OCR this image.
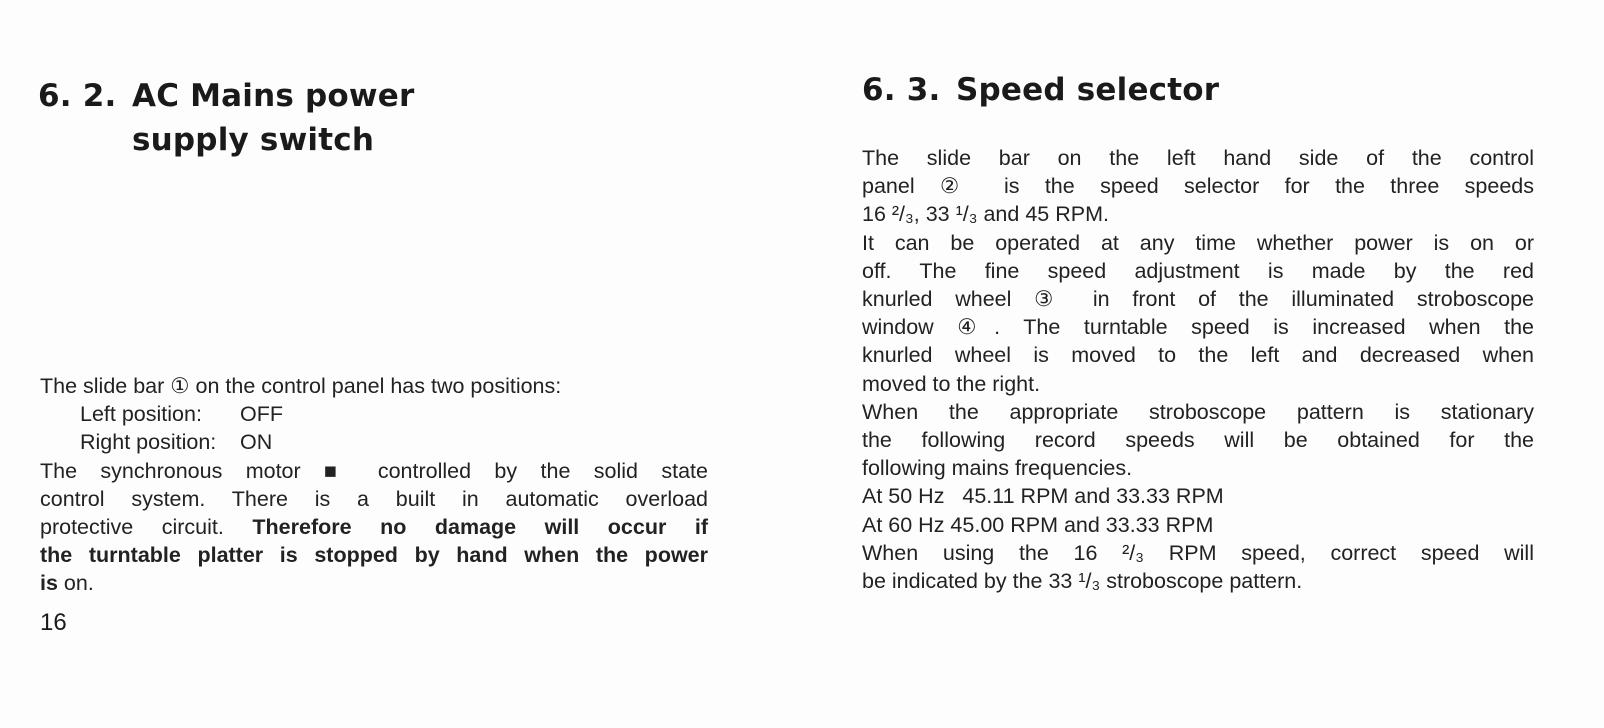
6. 2. AC Mains power
supply switch
The slide bar ① on the control panel has two positions:
Left position: OFF
Right position: ON
The synchronous motor ■ controlled by the solid state
control system. There is a built in automatic overload
protective circuit. Therefore no damage will occur if
the turntable platter is stopped by hand when the power
is on.
16
6. 3. Speed selector
The slide bar on the left hand side of the control
panel ② is the speed selector for the three speeds
16 ²/₃, 33 ¹/₃ and 45 RPM.
It can be operated at any time whether power is on or
off. The fine speed adjustment is made by the red
knurled wheel ③ in front of the illuminated stroboscope
window ④. The turntable speed is increased when the
knurled wheel is moved to the left and decreased when
moved to the right.
When the appropriate stroboscope pattern is stationary
the following record speeds will be obtained for the
following mains frequencies.
At 50 Hz   45.11 RPM and 33.33 RPM
At 60 Hz 45.00 RPM and 33.33 RPM
When using the 16 ²/₃ RPM speed, correct speed will
be indicated by the 33 ¹/₃ stroboscope pattern.
